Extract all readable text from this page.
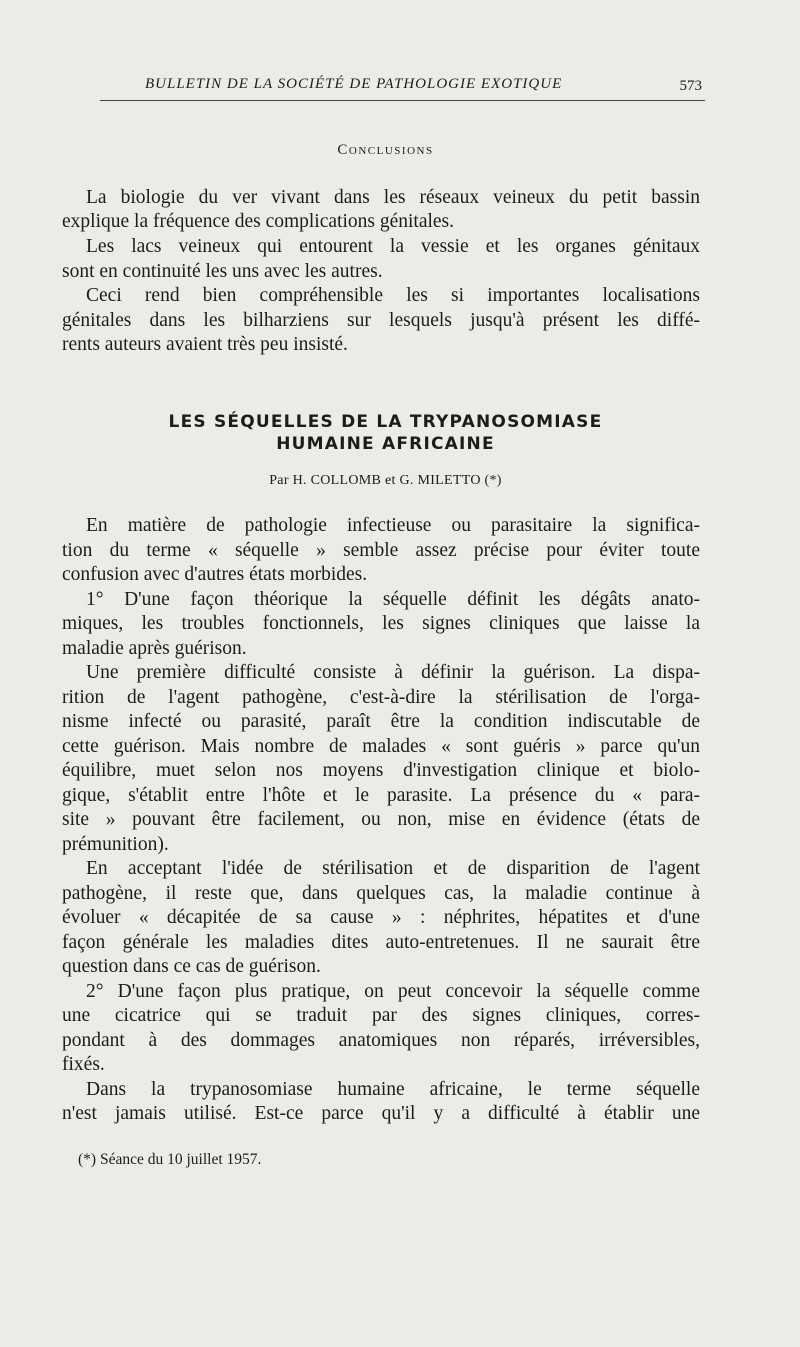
BULLETIN DE LA SOCIÉTÉ DE PATHOLOGIE EXOTIQUE	573
Conclusions
La biologie du ver vivant dans les réseaux veineux du petit bassin
explique la fréquence des complications génitales.
Les lacs veineux qui entourent la vessie et les organes génitaux
sont en continuité les uns avec les autres.
Ceci rend bien compréhensible les si importantes localisations
génitales dans les bilharziens sur lesquels jusqu'à présent les diffé-
rents auteurs avaient très peu insisté.
LES SÉQUELLES DE LA TRYPANOSOMIASE
HUMAINE AFRICAINE
Par H. COLLOMB et G. MILETTO (*)
En matière de pathologie infectieuse ou parasitaire la significa-
tion du terme « séquelle » semble assez précise pour éviter toute
confusion avec d'autres états morbides.
1° D'une façon théorique la séquelle définit les dégâts anato-
miques, les troubles fonctionnels, les signes cliniques que laisse la
maladie après guérison.
Une première difficulté consiste à définir la guérison. La dispa-
rition de l'agent pathogène, c'est-à-dire la stérilisation de l'orga-
nisme infecté ou parasité, paraît être la condition indiscutable de
cette guérison. Mais nombre de malades « sont guéris » parce qu'un
équilibre, muet selon nos moyens d'investigation clinique et biolo-
gique, s'établit entre l'hôte et le parasite. La présence du « para-
site » pouvant être facilement, ou non, mise en évidence (états de
prémunition).
En acceptant l'idée de stérilisation et de disparition de l'agent
pathogène, il reste que, dans quelques cas, la maladie continue à
évoluer « décapitée de sa cause » : néphrites, hépatites et d'une
façon générale les maladies dites auto-entretenues. Il ne saurait être
question dans ce cas de guérison.
2° D'une façon plus pratique, on peut concevoir la séquelle comme
une cicatrice qui se traduit par des signes cliniques, corres-
pondant à des dommages anatomiques non réparés, irréversibles,
fixés.
Dans la trypanosomiase humaine africaine, le terme séquelle
n'est jamais utilisé. Est-ce parce qu'il y a difficulté à établir une
(*) Séance du 10 juillet 1957.
